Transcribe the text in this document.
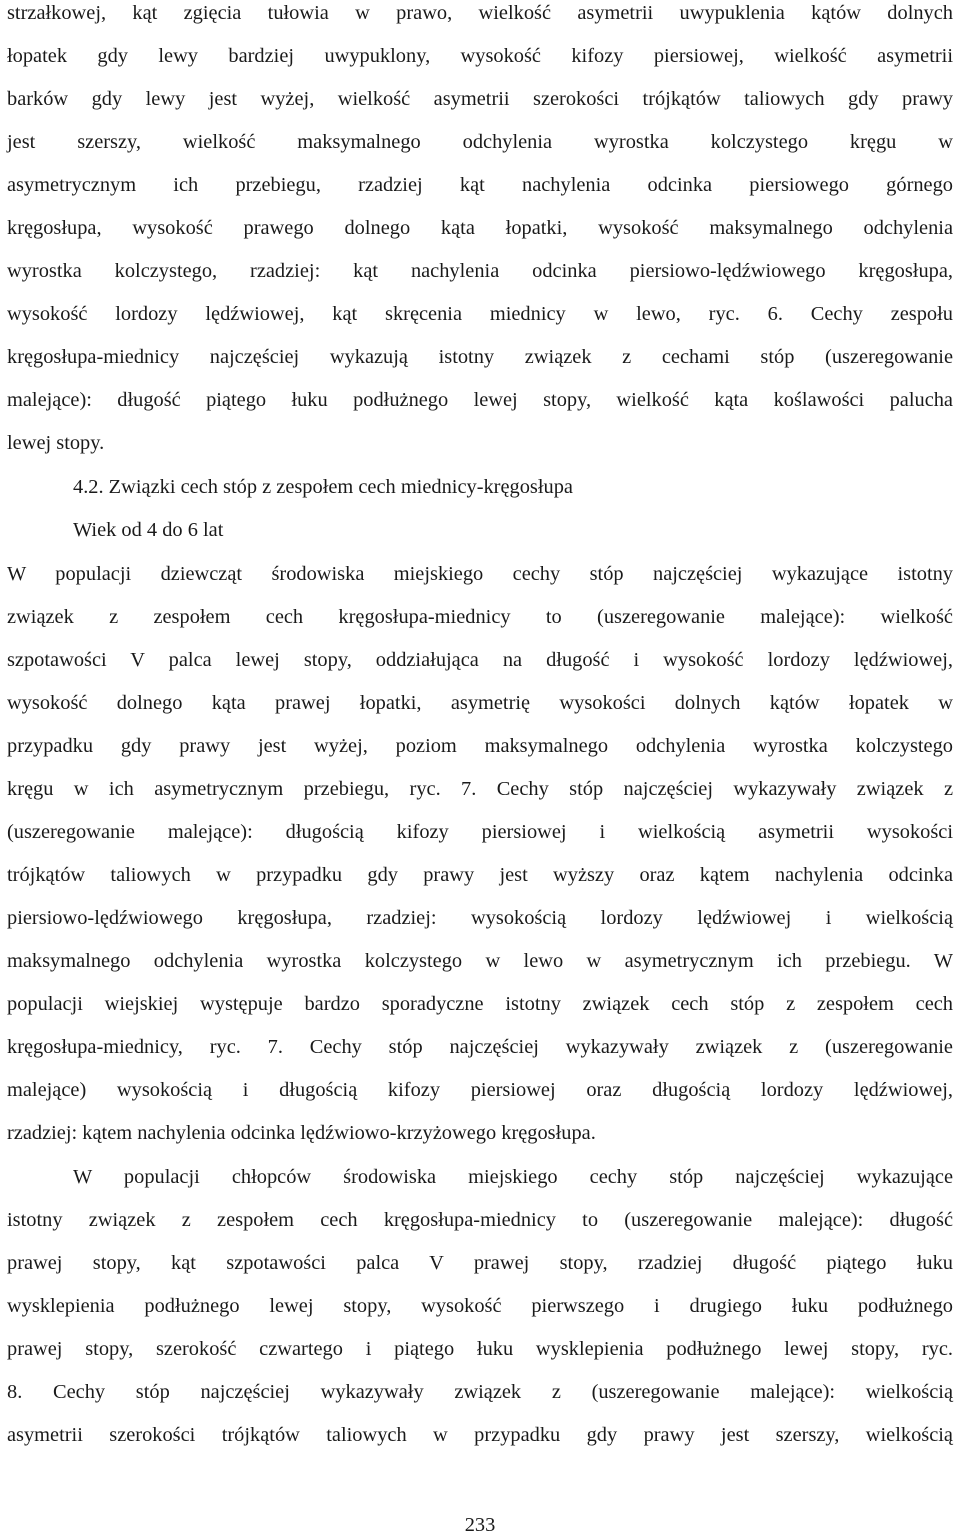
strzałkowej, kąt zgięcia tułowia w prawo, wielkość asymetrii uwypuklenia kątów dolnych
łopatek gdy lewy bardziej uwypuklony, wysokość kifozy piersiowej, wielkość asymetrii
barków gdy lewy jest wyżej, wielkość asymetrii szerokości trójkątów taliowych gdy prawy
jest szerszy, wielkość maksymalnego odchylenia wyrostka kolczystego kręgu w
asymetrycznym ich przebiegu, rzadziej kąt nachylenia odcinka piersiowego górnego
kręgosłupa, wysokość prawego dolnego kąta łopatki, wysokość maksymalnego odchylenia
wyrostka kolczystego, rzadziej: kąt nachylenia odcinka piersiowo-lędźwiowego kręgosłupa,
wysokość lordozy lędźwiowej, kąt skręcenia miednicy w lewo, ryc. 6. Cechy zespołu
kręgosłupa-miednicy najczęściej wykazują istotny związek z cechami stóp (uszeregowanie
malejące): długość piątego łuku podłużnego lewej stopy, wielkość kąta koślawości palucha
lewej stopy.
4.2. Związki cech stóp z zespołem cech miednicy-kręgosłupa
Wiek od 4 do 6 lat
W populacji dziewcząt środowiska miejskiego cechy stóp najczęściej wykazujące istotny
związek z zespołem cech kręgosłupa-miednicy to (uszeregowanie malejące): wielkość
szpotawości V palca lewej stopy, oddziałująca na długość i wysokość lordozy lędźwiowej,
wysokość dolnego kąta prawej łopatki, asymetrię wysokości dolnych kątów łopatek w
przypadku gdy prawy jest wyżej, poziom maksymalnego odchylenia wyrostka kolczystego
kręgu w ich asymetrycznym przebiegu, ryc. 7. Cechy stóp najczęściej wykazywały związek z
(uszeregowanie malejące): długością kifozy piersiowej i wielkością asymetrii wysokości
trójkątów taliowych w przypadku gdy prawy jest wyższy oraz kątem nachylenia odcinka
piersiowo-lędźwiowego kręgosłupa, rzadziej: wysokością lordozy lędźwiowej i wielkością
maksymalnego odchylenia wyrostka kolczystego w lewo w asymetrycznym ich przebiegu. W
populacji wiejskiej występuje bardzo sporadyczne istotny związek cech stóp z zespołem cech
kręgosłupa-miednicy, ryc. 7. Cechy stóp najczęściej wykazywały związek z (uszeregowanie
malejące) wysokością i długością kifozy piersiowej oraz długością lordozy lędźwiowej,
rzadziej: kątem nachylenia odcinka lędźwiowo-krzyżowego kręgosłupa.
W populacji chłopców środowiska miejskiego cechy stóp najczęściej wykazujące
istotny związek z zespołem cech kręgosłupa-miednicy to (uszeregowanie malejące): długość
prawej stopy, kąt szpotawości palca V prawej stopy, rzadziej długość piątego łuku
wysklepienia podłużnego lewej stopy, wysokość pierwszego i drugiego łuku podłużnego
prawej stopy, szerokość czwartego i piątego łuku wysklepienia podłużnego lewej stopy, ryc.
8. Cechy stóp najczęściej wykazywały związek z (uszeregowanie malejące): wielkością
asymetrii szerokości trójkątów taliowych w przypadku gdy prawy jest szerszy, wielkością
233
